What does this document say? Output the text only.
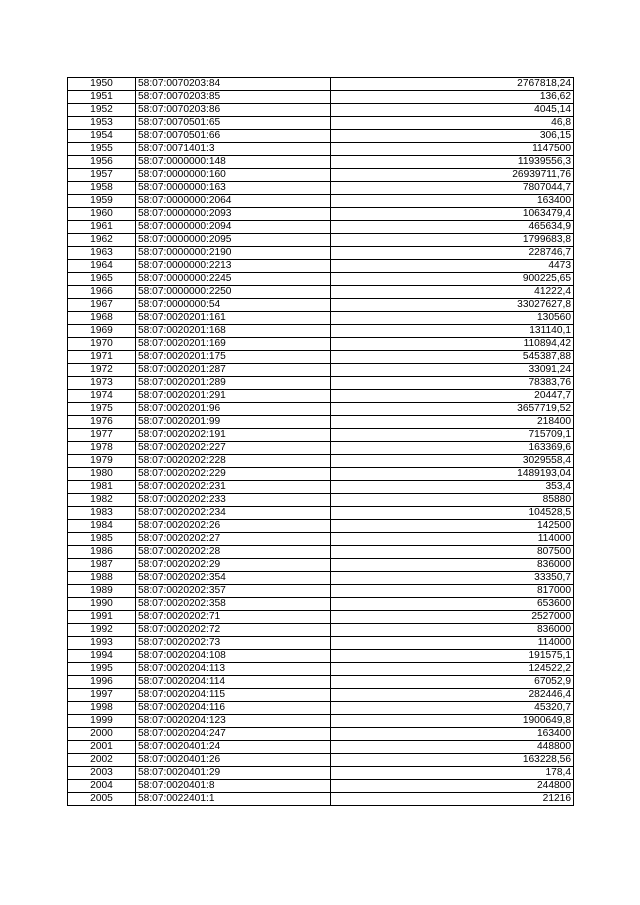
1950	58:07:0070203:84	2767818,24
1951	58:07:0070203:85	136,62
1952	58:07:0070203:86	4045,14
1953	58:07:0070501:65	46,8
1954	58:07:0070501:66	306,15
1955	58:07:0071401:3	1147500
1956	58:07:0000000:148	11939556,3
1957	58:07:0000000:160	26939711,76
1958	58:07:0000000:163	7807044,7
1959	58:07:0000000:2064	163400
1960	58:07:0000000:2093	1063479,4
1961	58:07:0000000:2094	465634,9
1962	58:07:0000000:2095	1799683,8
1963	58:07:0000000:2190	228746,7
1964	58:07:0000000:2213	4473
1965	58:07:0000000:2245	900225,65
1966	58:07:0000000:2250	41222,4
1967	58:07:0000000:54	33027627,8
1968	58:07:0020201:161	130560
1969	58:07:0020201:168	131140,1
1970	58:07:0020201:169	110894,42
1971	58:07:0020201:175	545387,88
1972	58:07:0020201:287	33091,24
1973	58:07:0020201:289	78383,76
1974	58:07:0020201:291	20447,7
1975	58:07:0020201:96	3657719,52
1976	58:07:0020201:99	218400
1977	58:07:0020202:191	715709,1
1978	58:07:0020202:227	163369,6
1979	58:07:0020202:228	3029558,4
1980	58:07:0020202:229	1489193,04
1981	58:07:0020202:231	353,4
1982	58:07:0020202:233	85880
1983	58:07:0020202:234	104528,5
1984	58:07:0020202:26	142500
1985	58:07:0020202:27	114000
1986	58:07:0020202:28	807500
1987	58:07:0020202:29	836000
1988	58:07:0020202:354	33350,7
1989	58:07:0020202:357	817000
1990	58:07:0020202:358	653600
1991	58:07:0020202:71	2527000
1992	58:07:0020202:72	836000
1993	58:07:0020202:73	114000
1994	58:07:0020204:108	191575,1
1995	58:07:0020204:113	124522,2
1996	58:07:0020204:114	67052,9
1997	58:07:0020204:115	282446,4
1998	58:07:0020204:116	45320,7
1999	58:07:0020204:123	1900649,8
2000	58:07:0020204:247	163400
2001	58:07:0020401:24	448800
2002	58:07:0020401:26	163228,56
2003	58:07:0020401:29	178,4
2004	58:07:0020401:8	244800
2005	58:07:0022401:1	21216
